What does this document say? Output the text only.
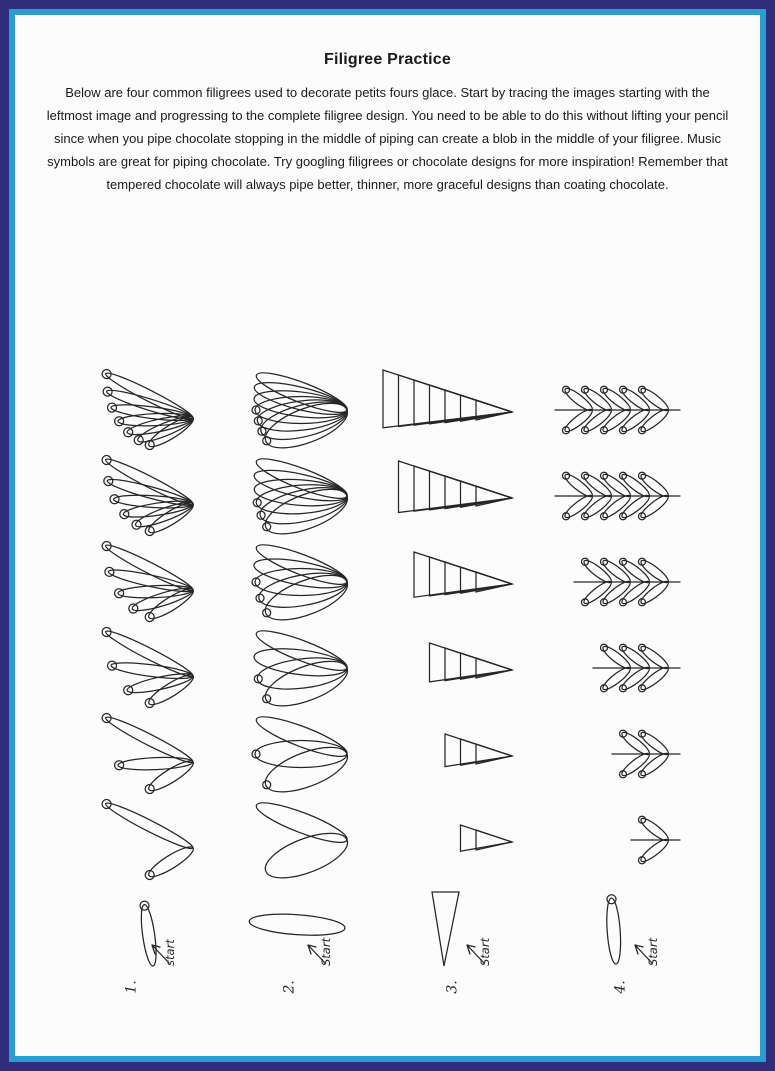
Filigree Practice

Below are four common filigrees used to decorate petits fours glace. Start by tracing the images starting with the leftmost image and progressing to the complete filigree design. You need to be able to do this without lifting your pencil since when you pipe chocolate stopping in the middle of piping can create a blob in the middle of your filigree. Music symbols are great for piping chocolate. Try googling filigrees or chocolate designs for more inspiration! Remember that tempered chocolate will always pipe better, thinner, more graceful designs than coating chocolate.

start
1.
Start
2.
Start
3.
Start
4.
